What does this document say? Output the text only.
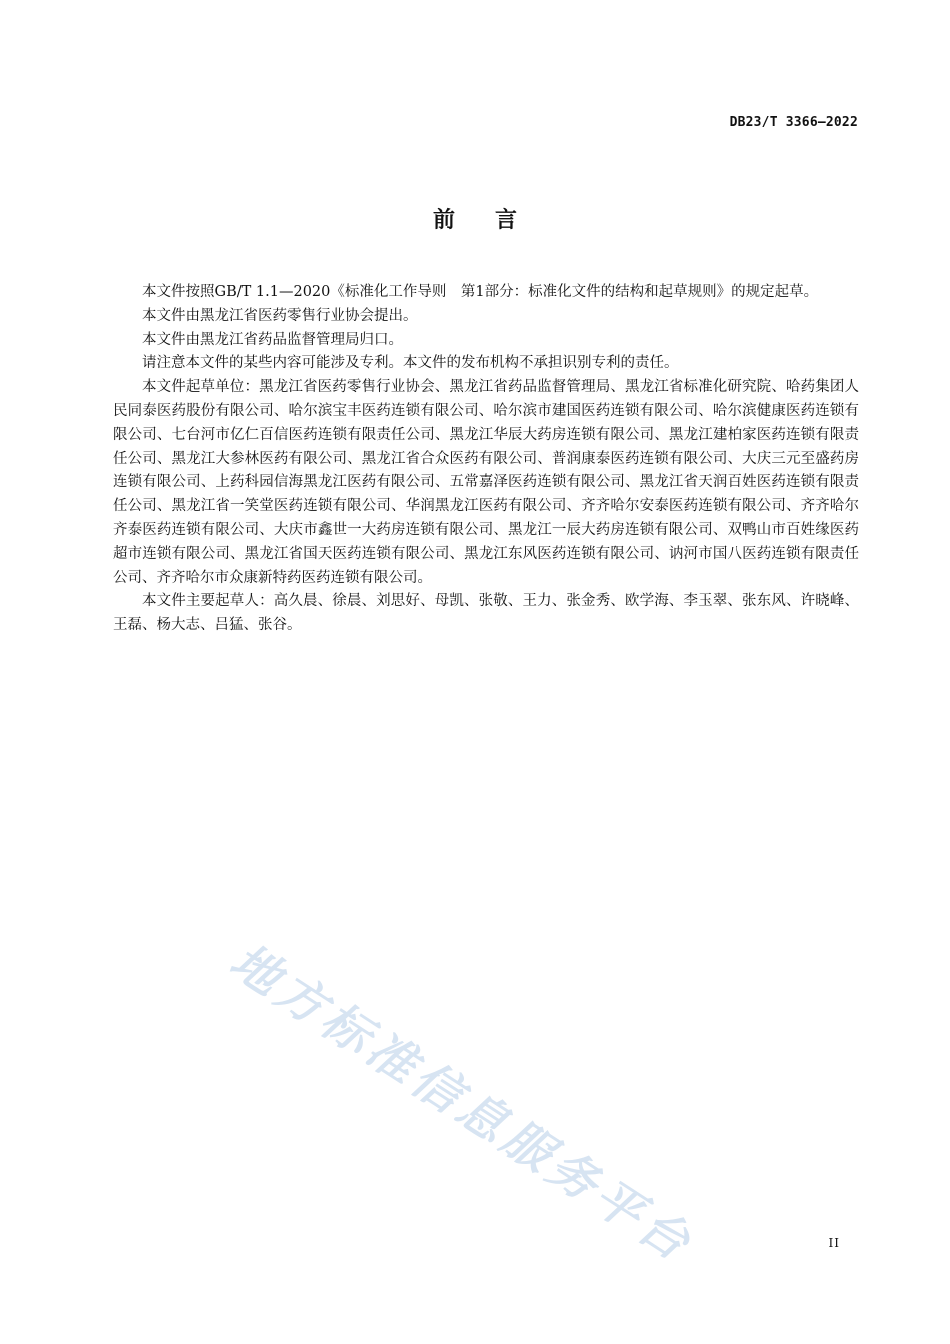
DB23/T 3366—2022
前言

本文件按照GB/T 1.1—2020《标准化工作导则　第1部分：标准化文件的结构和起草规则》的规定起草。

本文件由黑龙江省医药零售行业协会提出。

本文件由黑龙江省药品监督管理局归口。

请注意本文件的某些内容可能涉及专利。本文件的发布机构不承担识别专利的责任。

本文件起草单位：黑龙江省医药零售行业协会、黑龙江省药品监督管理局、黑龙江省标准化研究院、哈药集团人民同泰医药股份有限公司、哈尔滨宝丰医药连锁有限公司、哈尔滨市建国医药连锁有限公司、哈尔滨健康医药连锁有限公司、七台河市亿仁百信医药连锁有限责任公司、黑龙江华辰大药房连锁有限公司、黑龙江建柏家医药连锁有限责任公司、黑龙江大参林医药有限公司、黑龙江省合众医药有限公司、普润康泰医药连锁有限公司、大庆三元至盛药房连锁有限公司、上药科园信海黑龙江医药有限公司、五常嘉泽医药连锁有限公司、黑龙江省天润百姓医药连锁有限责任公司、黑龙江省一笑堂医药连锁有限公司、华润黑龙江医药有限公司、齐齐哈尔安泰医药连锁有限公司、齐齐哈尔齐泰医药连锁有限公司、大庆市鑫世一大药房连锁有限公司、黑龙江一辰大药房连锁有限公司、双鸭山市百姓缘医药超市连锁有限公司、黑龙江省国天医药连锁有限公司、黑龙江东风医药连锁有限公司、讷河市国八医药连锁有限责任公司、齐齐哈尔市众康新特药医药连锁有限公司。

本文件主要起草人：高久晨、徐晨、刘思好、母凯、张敬、王力、张金秀、欧学海、李玉翠、张东风、许晓峰、王磊、杨大志、吕猛、张谷。

地方标准信息服务平台	II
